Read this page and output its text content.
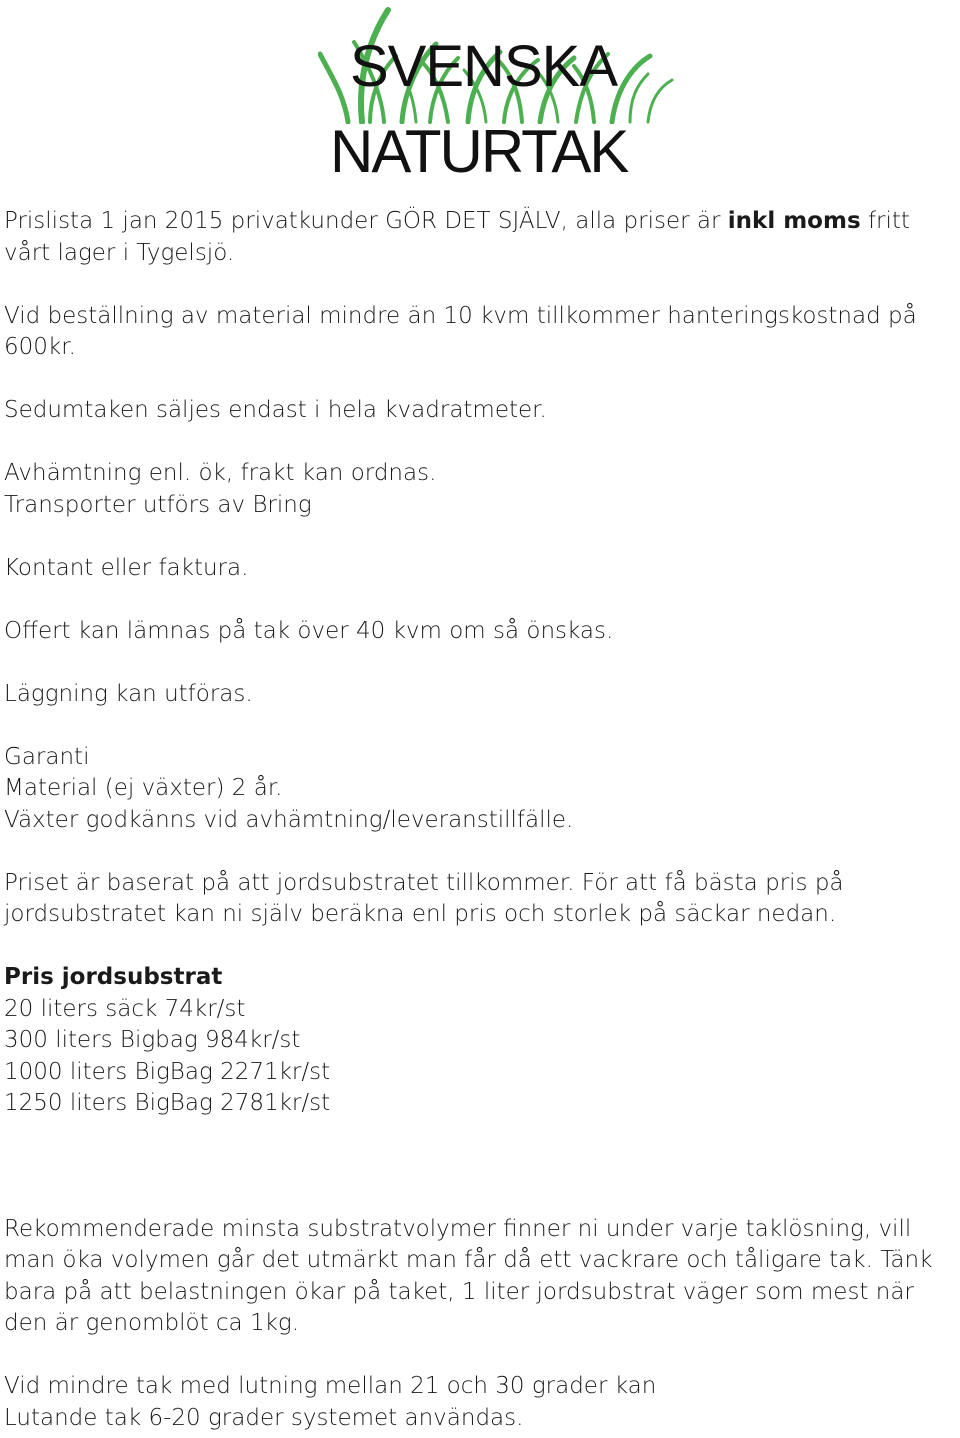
SVENSKA
NATURTAK

Prislista 1 jan 2015 privatkunder GÖR DET SJÄLV, alla priser är inkl moms fritt vårt lager i Tygelsjö.

Vid beställning av material mindre än 10 kvm tillkommer hanteringskostnad på 600kr.

Sedumtaken säljes endast i hela kvadratmeter.

Avhämtning enl. ök, frakt kan ordnas.

Transporter utförs av Bring

Kontant eller faktura.

Offert kan lämnas på tak över 40 kvm om så önskas.

Läggning kan utföras.

Garanti

Material (ej växter) 2 år.

Växter godkänns vid avhämtning/leveranstillfälle.

Priset är baserat på att jordsubstratet tillkommer. För att få bästa pris på jordsubstratet kan ni själv beräkna enl pris och storlek på säckar nedan.

Pris jordsubstrat

20 liters säck 74kr/st

300 liters Bigbag 984kr/st

1000 liters BigBag 2271kr/st

1250 liters BigBag 2781kr/st

Rekommenderade minsta substratvolymer finner ni under varje taklösning, vill man öka volymen går det utmärkt man får då ett vackrare och tåligare tak. Tänk bara på att belastningen ökar på taket, 1 liter jordsubstrat väger som mest när den är genomblöt ca 1kg.

Vid mindre tak med lutning mellan 21 och 30 grader kan

Lutande tak 6-20 grader systemet användas.
